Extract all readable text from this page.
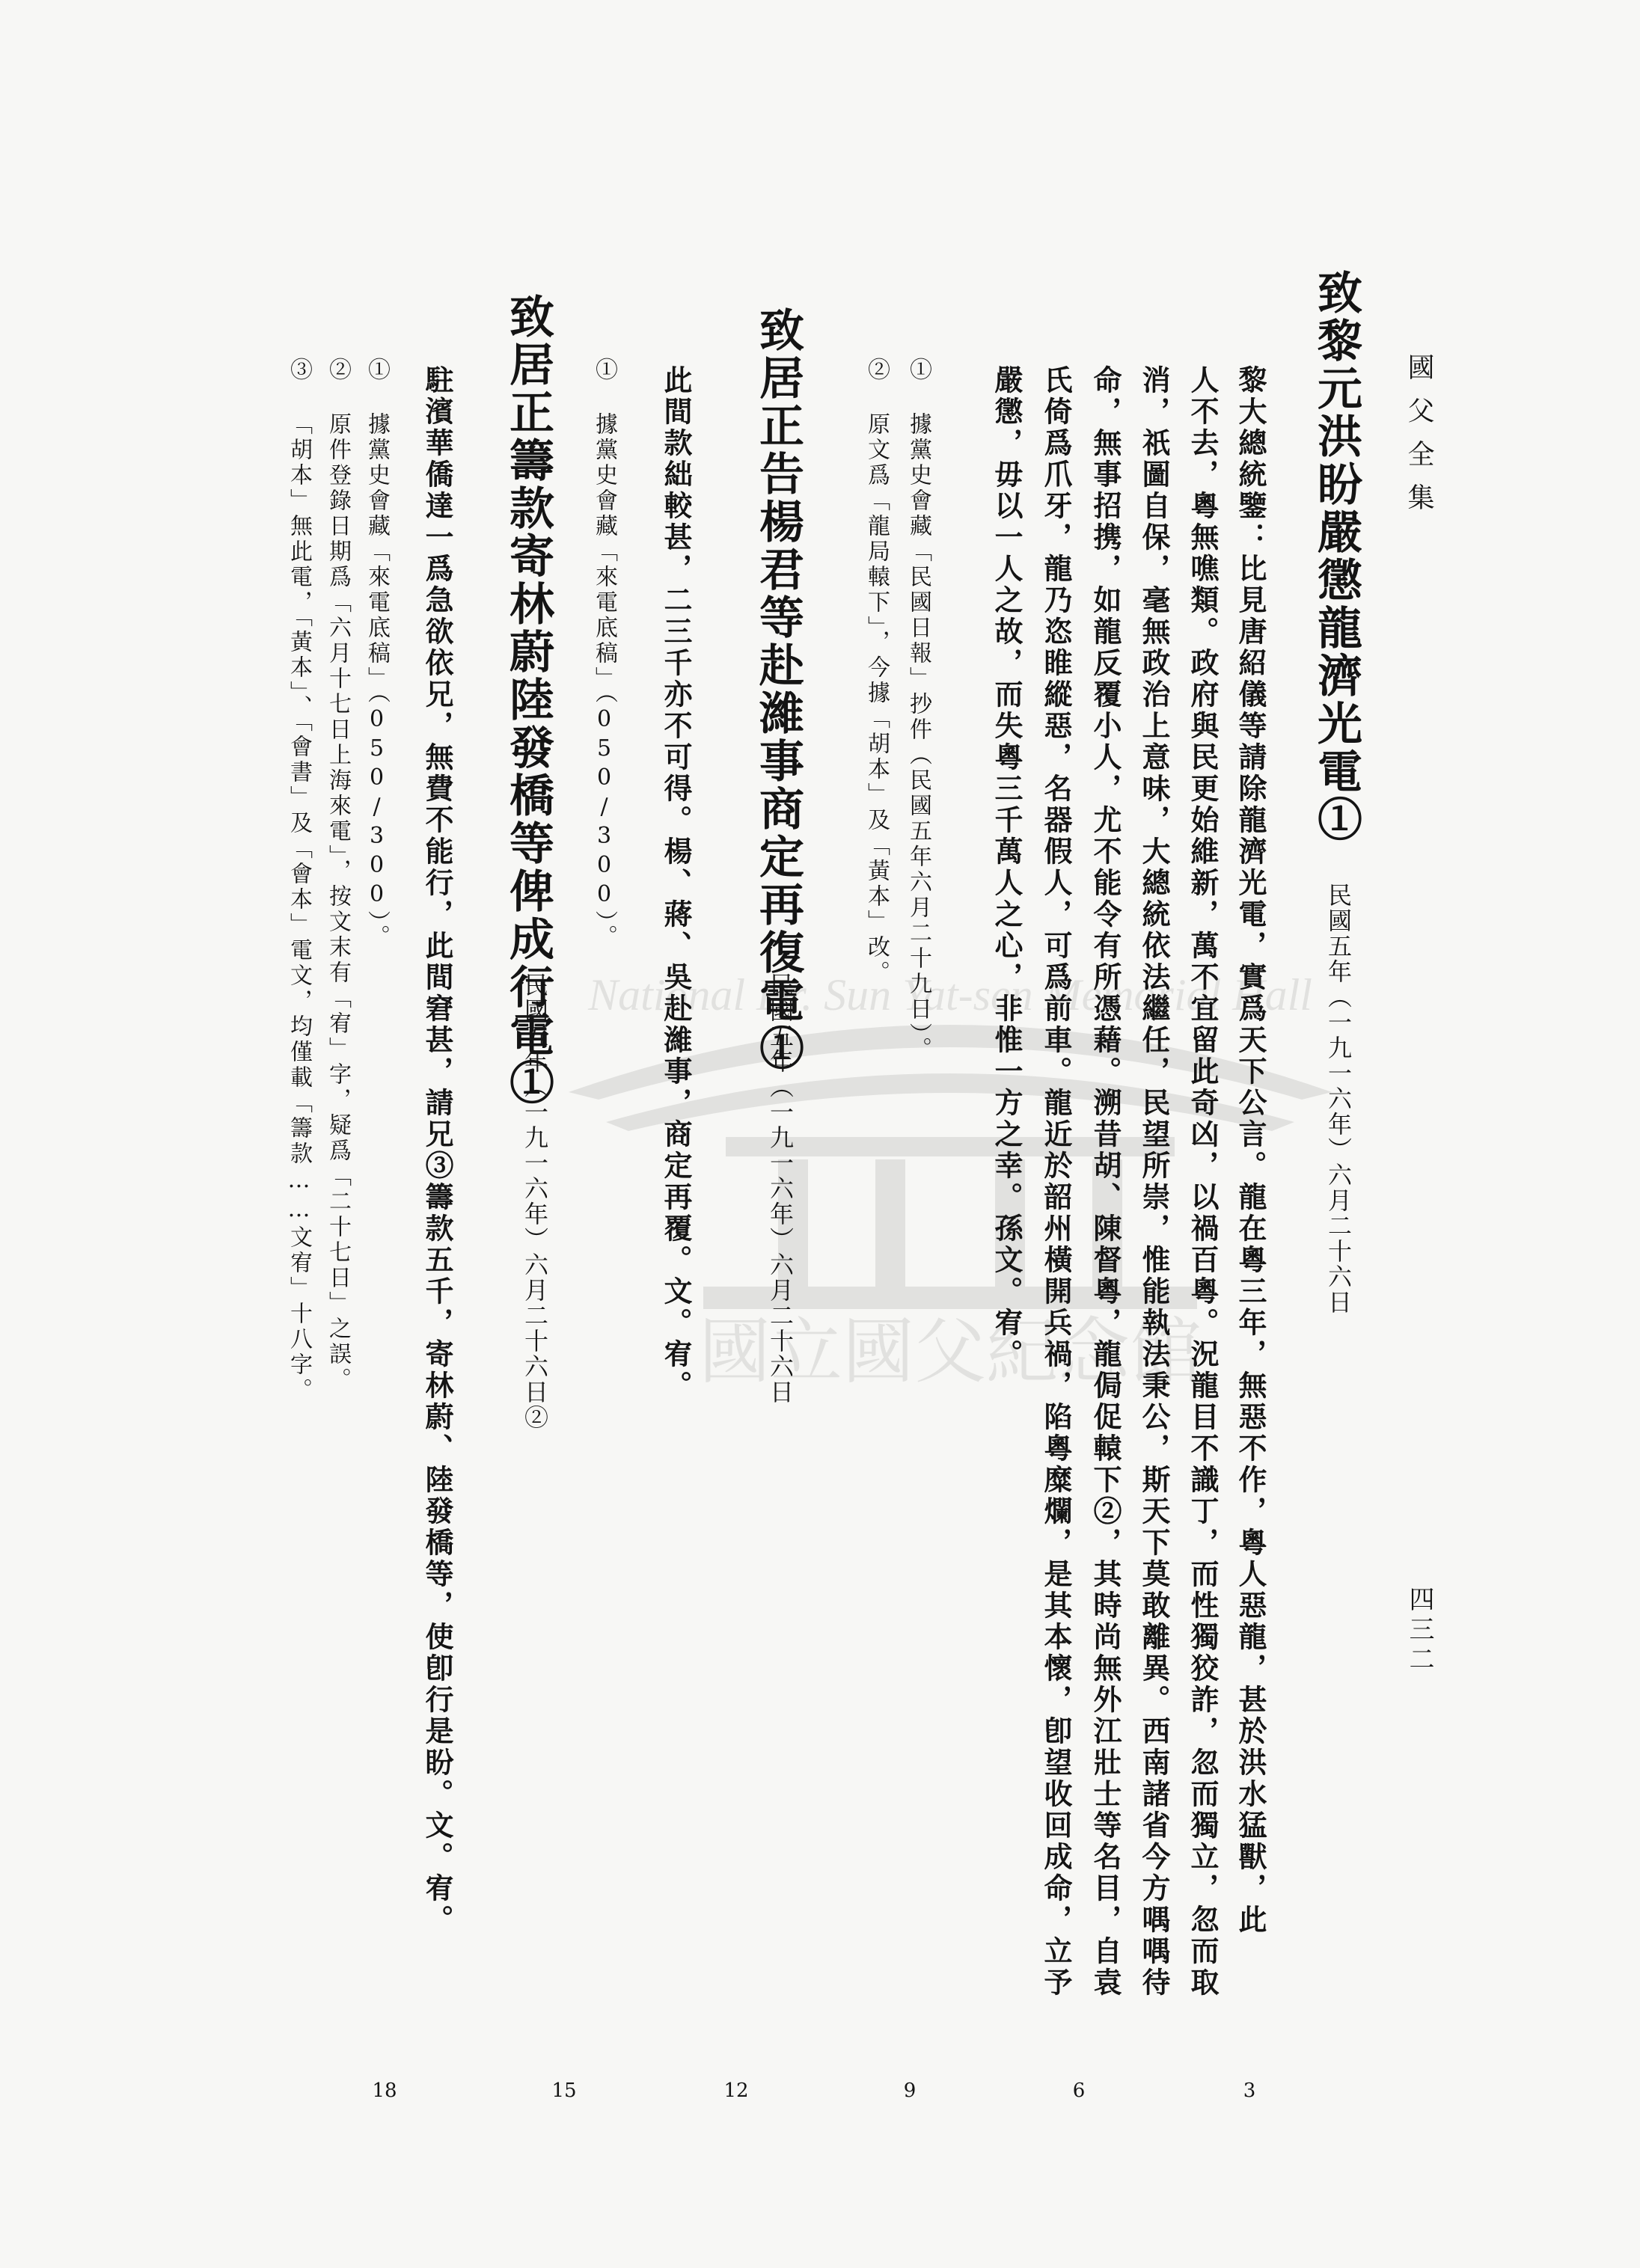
National Dr. Sun Yat-sen Memorial Hall
國立國父紀念館
國父全集
四三二
致黎元洪盼嚴懲龍濟光電①
民國五年（一九一六年）六月二十六日
黎大總統鑒：比見唐紹儀等請除龍濟光電，實爲天下公言。龍在粵三年，無惡不作，粵人惡龍，甚於洪水猛獸，此
人不去，粵無噍類。政府與民更始維新，萬不宜留此奇凶，以禍百粵。況龍目不識丁，而性獨狡詐，忽而獨立，忽而取
消，祇圖自保，毫無政治上意味，大總統依法繼任，民望所崇，惟能執法秉公，斯天下莫敢離異。西南諸省今方喁喁待
命，無事招携，如龍反覆小人，尤不能令有所憑藉。溯昔胡、陳督粵，龍侷促轅下②，其時尚無外江壯士等名目，自袁
氏倚爲爪牙，龍乃恣睢縱惡，名器假人，可爲前車。龍近於韶州橫開兵禍，陷粵糜爛，是其本懷，卽望收回成命，立予
嚴懲，毋以一人之故，而失粵三千萬人之心，非惟一方之幸。孫文。宥。
① 據黨史會藏「民國日報」抄件（民國五年六月二十九日）。
② 原文爲「龍局轅下」，今據「胡本」及「黃本」改。
致居正告楊君等赴濰事商定再復電①
民國五年（一九一六年）六月二十六日
此間款絀較甚，二三千亦不可得。楊、蔣、吳赴濰事，商定再覆。文。宥。
① 據黨史會藏「來電底稿」（050/300）。
致居正籌款寄林蔚陸發橋等俾成行電①
民國五年（一九一六年）六月二十六日②
駐濱華僑達一爲急欲依兄，無費不能行，此間窘甚，請兄③籌款五千，寄林蔚、陸發橋等，使卽行是盼。文。宥。
① 據黨史會藏「來電底稿」（050/300）。
② 原件登錄日期爲「六月十七日上海來電」，按文末有「宥」字，疑爲「二十七日」之誤。
③ 「胡本」無此電，「黃本」、「會書」及「會本」電文，均僅載「籌款……文宥」十八字。
3
6
9
12
15
18
